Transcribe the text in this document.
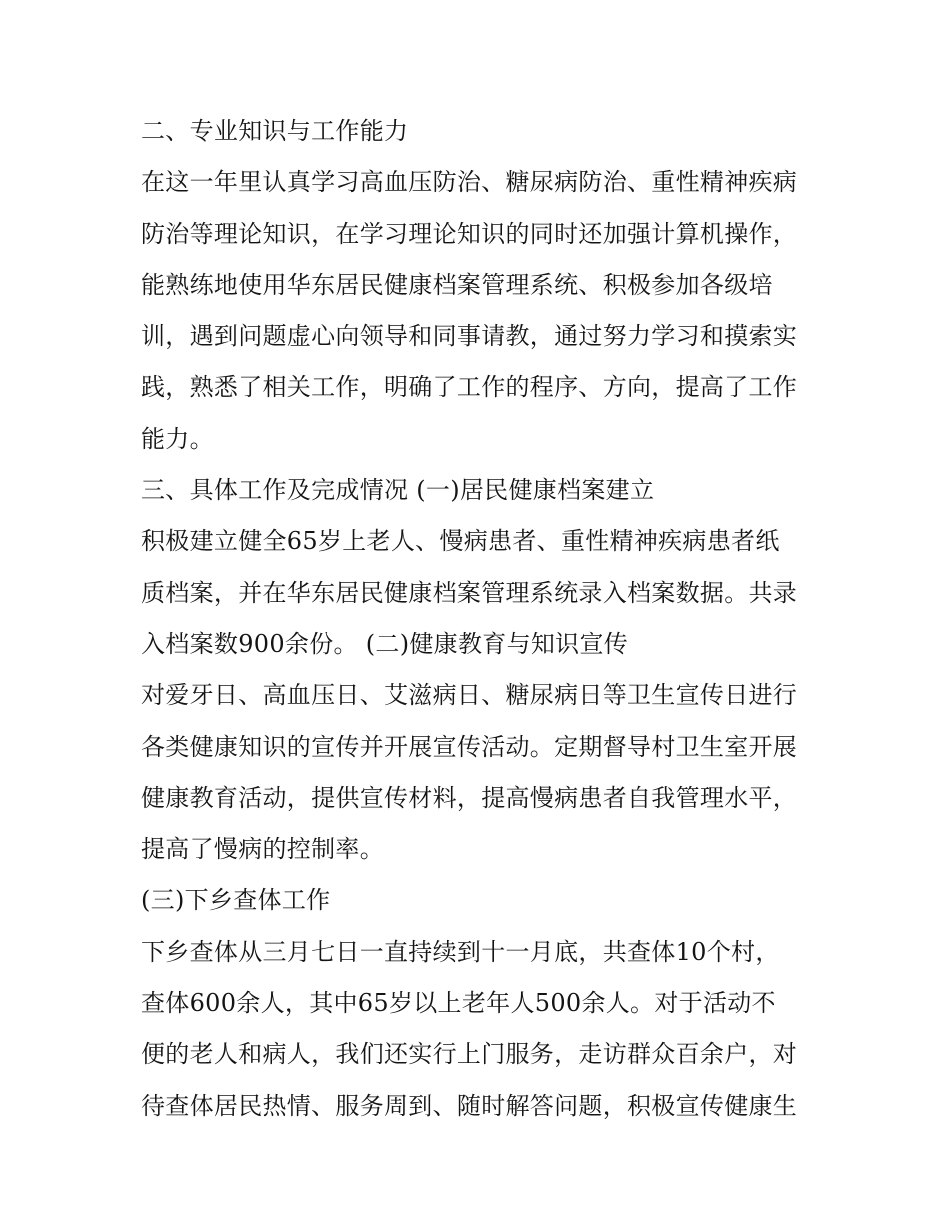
二、专业知识与工作能力
在这一年里认真学习高血压防治、糖尿病防治、重性精神疾病
防治等理论知识，在学习理论知识的同时还加强计算机操作，
能熟练地使用华东居民健康档案管理系统、积极参加各级培
训，遇到问题虚心向领导和同事请教，通过努力学习和摸索实
践，熟悉了相关工作，明确了工作的程序、方向，提高了工作
能力。
三、具体工作及完成情况 (一)居民健康档案建立
积极建立健全65岁上老人、慢病患者、重性精神疾病患者纸
质档案，并在华东居民健康档案管理系统录入档案数据。共录
入档案数900余份。 (二)健康教育与知识宣传
对爱牙日、高血压日、艾滋病日、糖尿病日等卫生宣传日进行
各类健康知识的宣传并开展宣传活动。定期督导村卫生室开展
健康教育活动，提供宣传材料，提高慢病患者自我管理水平，
提高了慢病的控制率。
(三)下乡查体工作
下乡查体从三月七日一直持续到十一月底，共查体10个村，
查体600余人，其中65岁以上老年人500余人。对于活动不
便的老人和病人，我们还实行上门服务，走访群众百余户，对
待查体居民热情、服务周到、随时解答问题，积极宣传健康生
